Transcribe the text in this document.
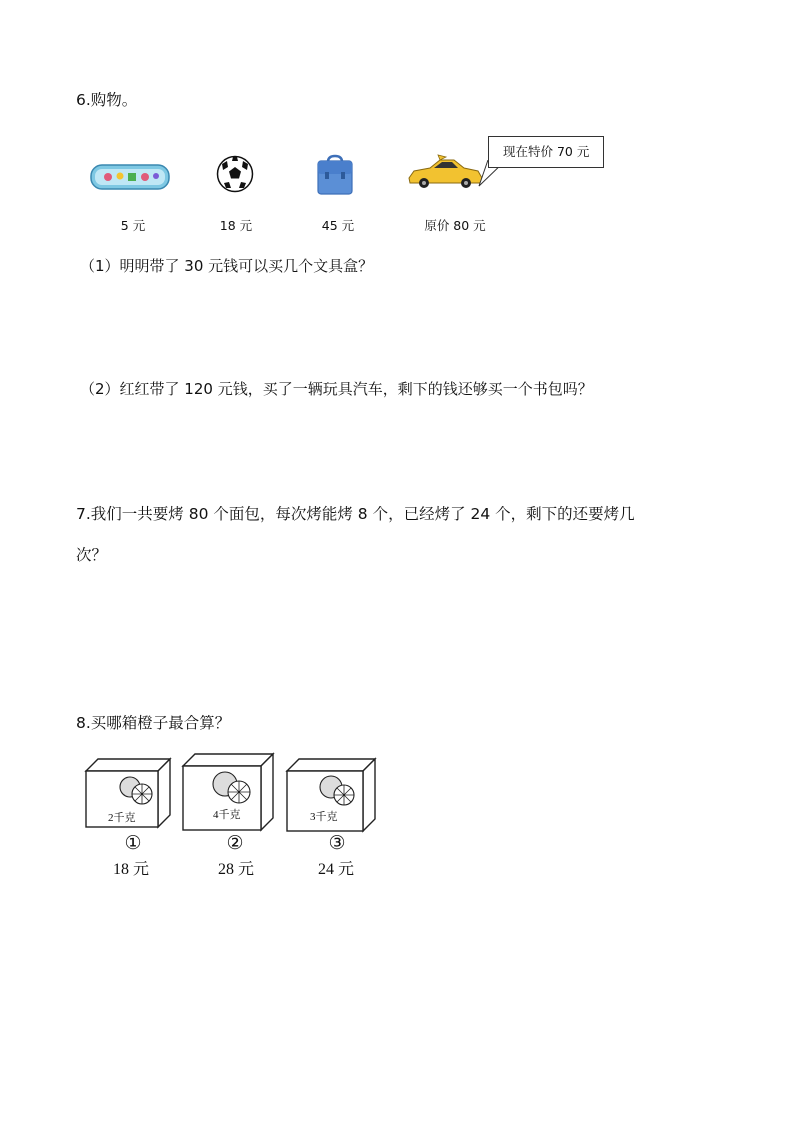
6.购物。
5 元	18 元	45 元	原价 80 元
现在特价 70 元
（1）明明带了 30 元钱可以买几个文具盒？
（2）红红带了 120 元钱，买了一辆玩具汽车，剩下的钱还够买一个书包吗？
7.我们一共要烤 80 个面包，每次烤能烤 8 个，已经烤了 24 个，剩下的还要烤几
次？
8.买哪箱橙子最合算？
2千克
①
18 元
4千克
②
28 元
3千克
③
24 元
